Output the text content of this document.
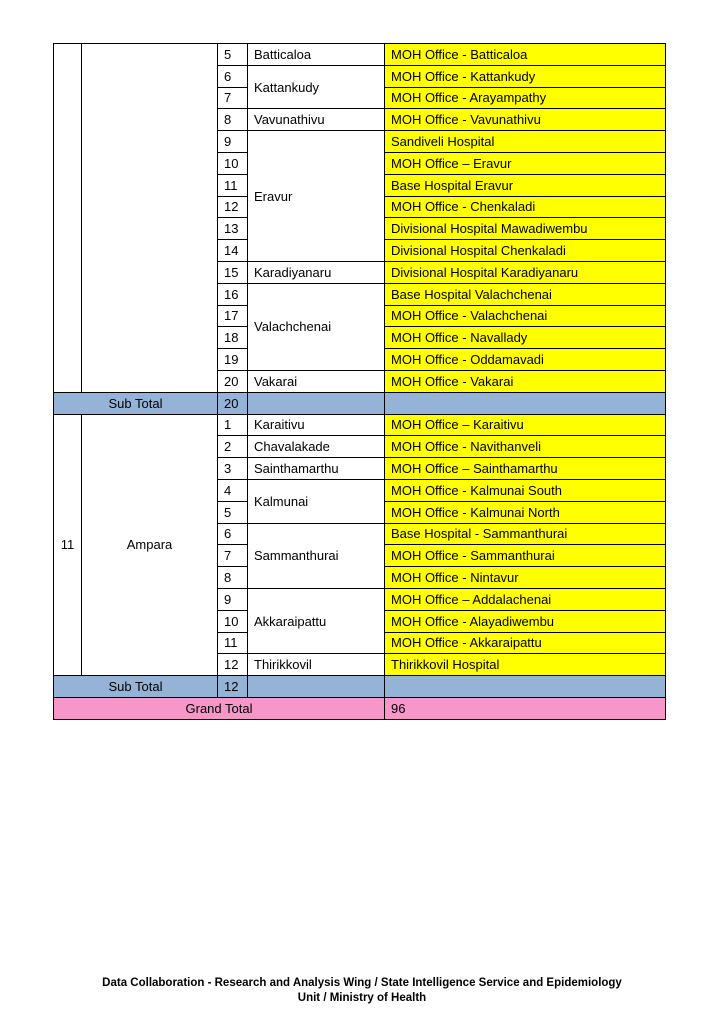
		5	Batticaloa	MOH Office - Batticaloa
		6	Kattankudy	MOH Office - Kattankudy
		7		MOH Office - Arayampathy
		8	Vavunathivu	MOH Office - Vavunathivu
		9	Eravur	Sandiveli Hospital
		10		MOH Office – Eravur
		11		Base Hospital Eravur
		12		MOH Office - Chenkaladi
		13		Divisional Hospital Mawadiwembu
		14		Divisional Hospital Chenkaladi
		15	Karadiyanaru	Divisional Hospital Karadiyanaru
		16	Valachchenai	Base Hospital Valachchenai
		17		MOH Office - Valachchenai
		18		MOH Office - Navallady
		19		MOH Office - Oddamavadi
		20	Vakarai	MOH Office - Vakarai
Sub Total		20		
11	Ampara	1	Karaitivu	MOH Office – Karaitivu
		2	Chavalakade	MOH Office - Navithanveli
		3	Sainthamarthu	MOH Office – Sainthamarthu
		4	Kalmunai	MOH Office - Kalmunai South
		5		MOH Office - Kalmunai North
		6	Sammanthurai	Base Hospital - Sammanthurai
		7		MOH Office - Sammanthurai
		8		MOH Office - Nintavur
		9	Akkaraipattu	MOH Office – Addalachenai
		10		MOH Office - Alayadiwembu
		11		MOH Office - Akkaraipattu
		12	Thirikkovil	Thirikkovil Hospital
Sub Total		12		
Grand Total				96
Data Collaboration - Research and Analysis Wing / State Intelligence Service and Epidemiology
Unit / Ministry of Health
